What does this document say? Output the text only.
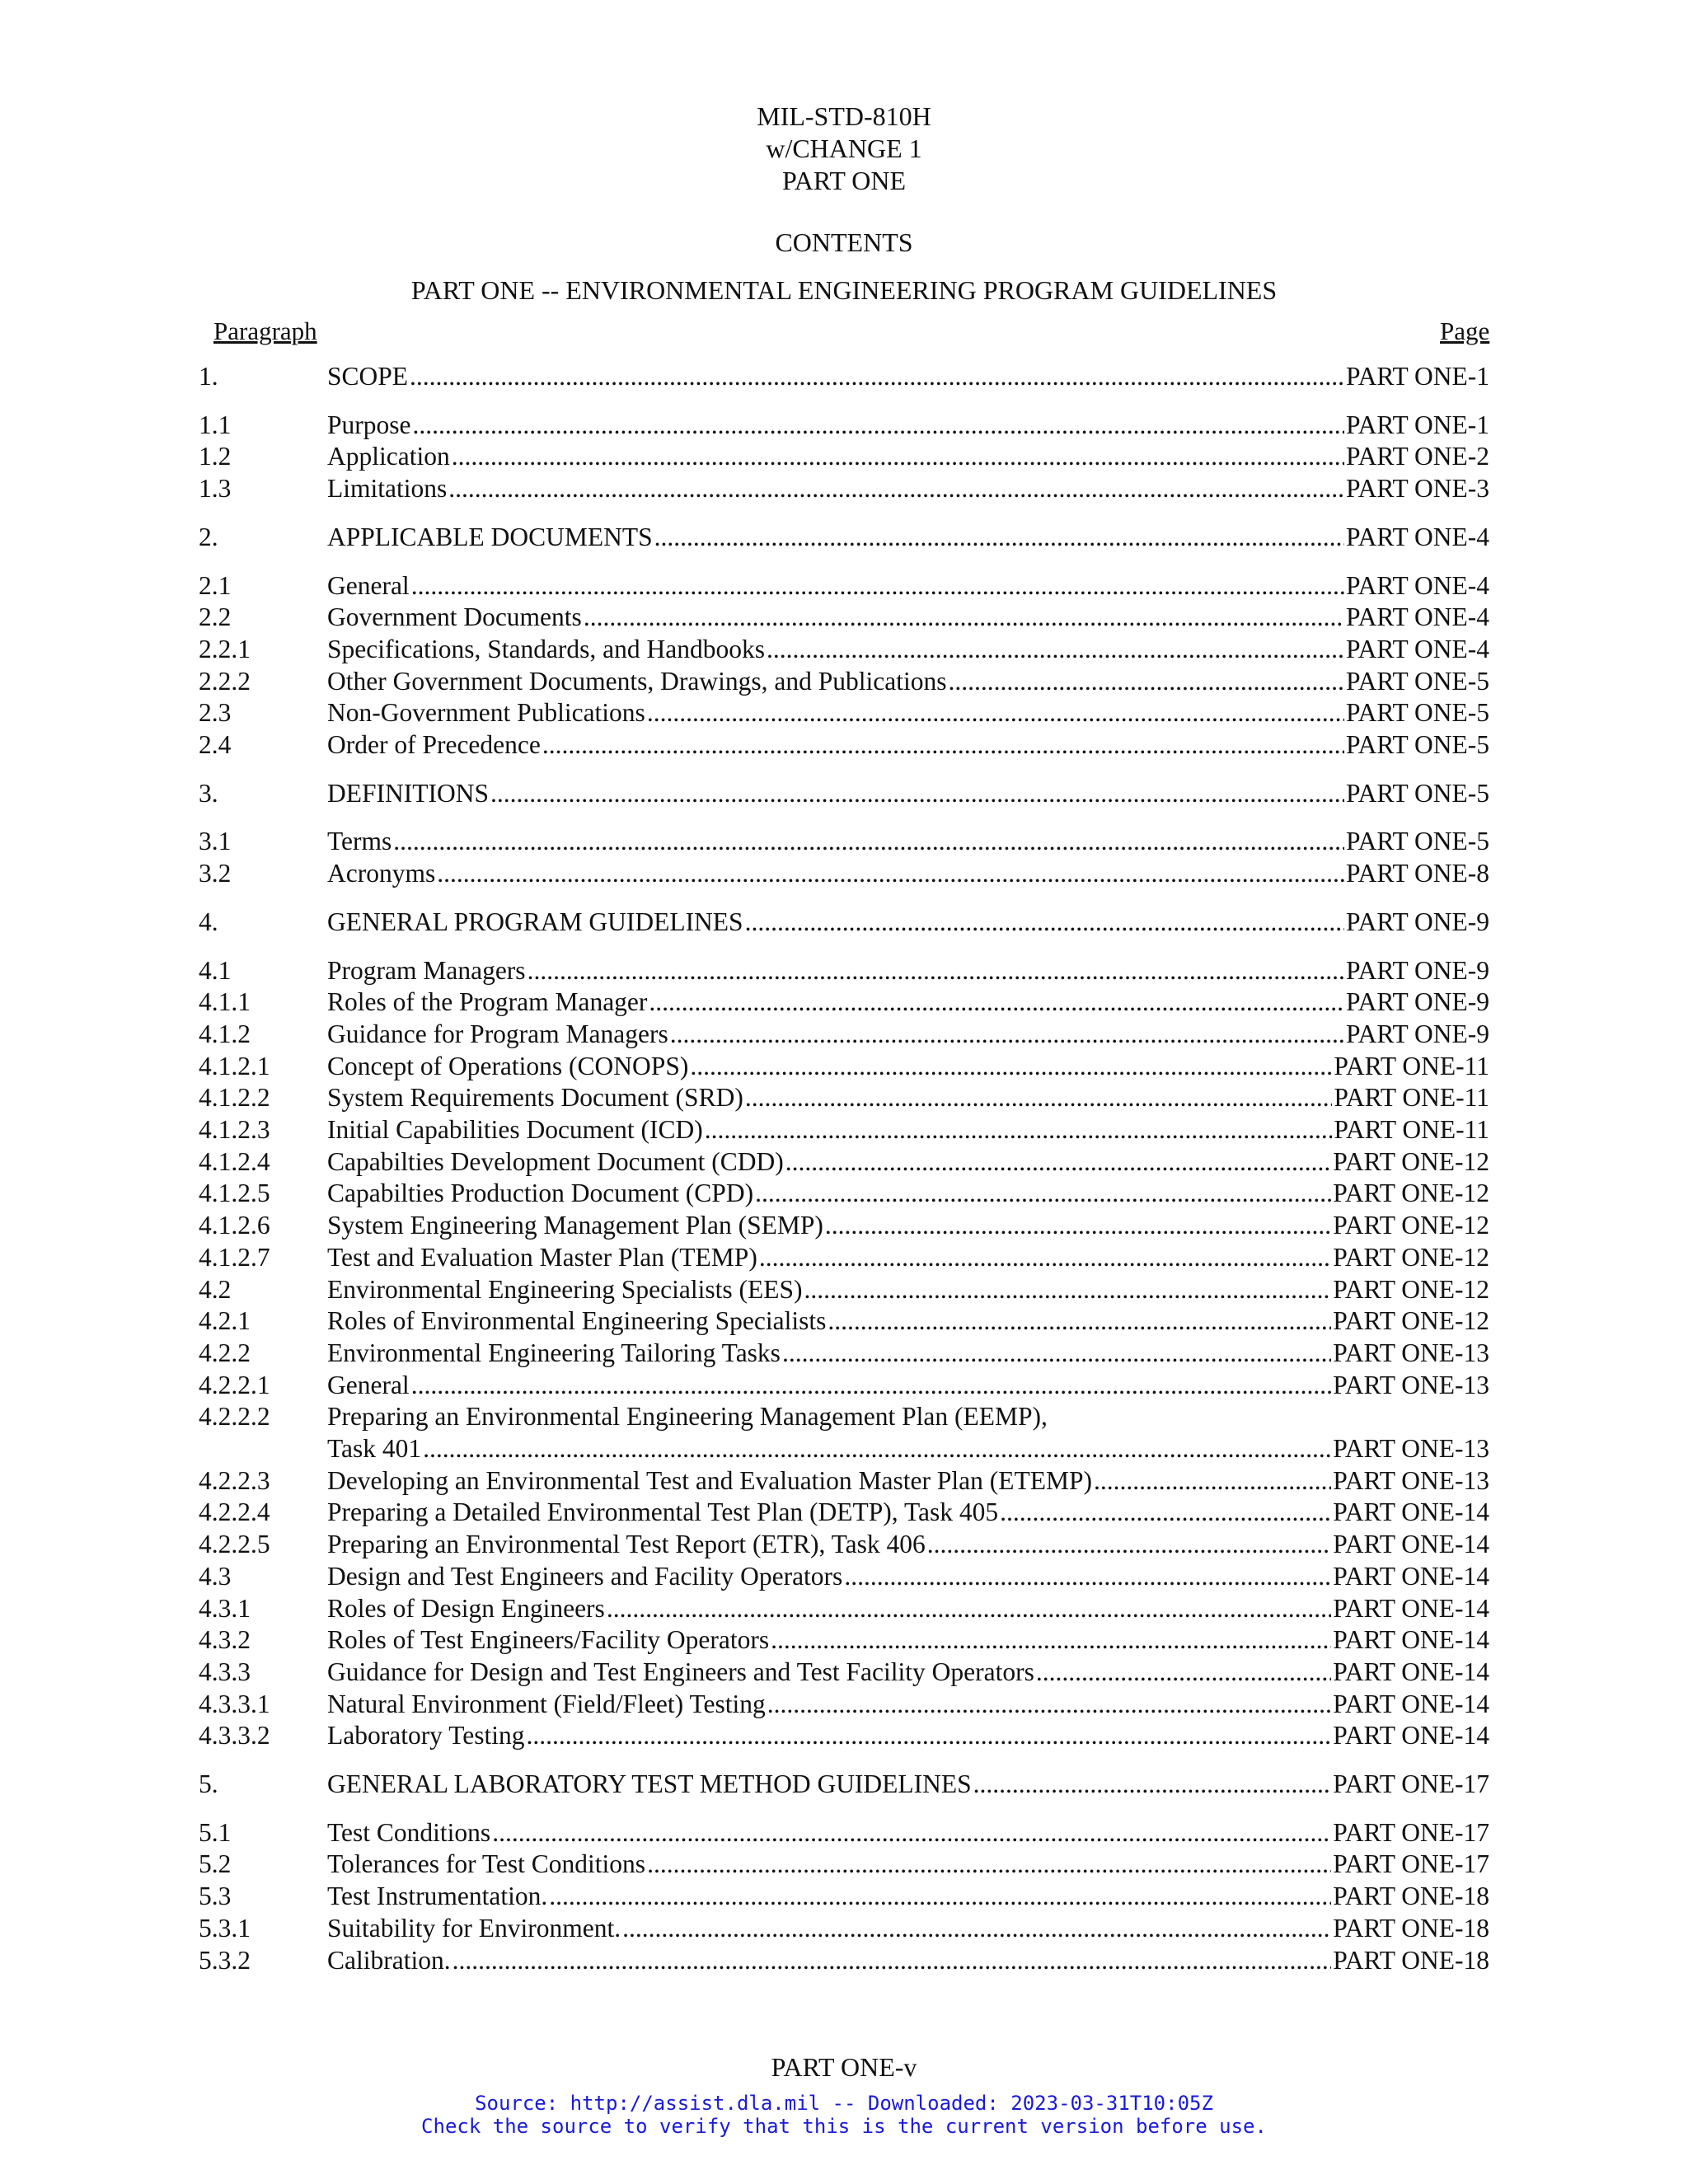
MIL-STD-810H
w/CHANGE 1
PART ONE
CONTENTS
PART ONE -- ENVIRONMENTAL ENGINEERING PROGRAM GUIDELINES
Paragraph	Page
1.	SCOPE .....	PART ONE-1
1.1	Purpose .....	PART ONE-1
1.2	Application .....	PART ONE-2
1.3	Limitations .....	PART ONE-3
2.	APPLICABLE DOCUMENTS .....	PART ONE-4
2.1	General .....	PART ONE-4
2.2	Government Documents .....	PART ONE-4
2.2.1	Specifications, Standards, and Handbooks .....	PART ONE-4
2.2.2	Other Government Documents, Drawings, and Publications .....	PART ONE-5
2.3	Non-Government Publications .....	PART ONE-5
2.4	Order of Precedence .....	PART ONE-5
3.	DEFINITIONS .....	PART ONE-5
3.1	Terms .....	PART ONE-5
3.2	Acronyms .....	PART ONE-8
4.	GENERAL PROGRAM GUIDELINES .....	PART ONE-9
4.1	Program Managers .....	PART ONE-9
4.1.1	Roles of the Program Manager .....	PART ONE-9
4.1.2	Guidance for Program Managers .....	PART ONE-9
4.1.2.1 Concept of Operations (CONOPS) .....	PART ONE-11
4.1.2.2 System Requirements Document (SRD) .....	PART ONE-11
4.1.2.3 Initial Capabilities Document (ICD) .....	PART ONE-11
4.1.2.4 Capabilties Development Document (CDD) .....	PART ONE-12
4.1.2.5 Capabilties Production Document (CPD) .....	PART ONE-12
4.1.2.6 System Engineering Management Plan (SEMP) .....	PART ONE-12
4.1.2.7 Test and Evaluation Master Plan (TEMP) .....	PART ONE-12
4.2	Environmental Engineering Specialists (EES) .....	PART ONE-12
4.2.1	Roles of Environmental Engineering Specialists .....	PART ONE-12
4.2.2	Environmental Engineering Tailoring Tasks .....	PART ONE-13
4.2.2.1 General .....	PART ONE-13
4.2.2.2 Preparing an Environmental Engineering Management Plan (EEMP),
Task 401 .....	PART ONE-13
4.2.2.3 Developing an Environmental Test and Evaluation Master Plan (ETEMP) .....	PART ONE-13
4.2.2.4 Preparing a Detailed Environmental Test Plan (DETP), Task 405 .....	PART ONE-14
4.2.2.5 Preparing an Environmental Test Report (ETR), Task 406 .....	PART ONE-14
4.3	Design and Test Engineers and Facility Operators .....	PART ONE-14
4.3.1	Roles of Design Engineers .....	PART ONE-14
4.3.2	Roles of Test Engineers/Facility Operators .....	PART ONE-14
4.3.3	Guidance for Design and Test Engineers and Test Facility Operators .....	PART ONE-14
4.3.3.1 Natural Environment (Field/Fleet) Testing .....	PART ONE-14
4.3.3.2 Laboratory Testing .....	PART ONE-14
5.	GENERAL LABORATORY TEST METHOD GUIDELINES .....	PART ONE-17
5.1	Test Conditions .....	PART ONE-17
5.2	Tolerances for Test Conditions .....	PART ONE-17
5.3	Test Instrumentation. .....	PART ONE-18
5.3.1	Suitability for Environment. .....	PART ONE-18
5.3.2	Calibration. .....	PART ONE-18
PART ONE-v
Source: http://assist.dla.mil -- Downloaded: 2023-03-31T10:05Z
Check the source to verify that this is the current version before use.
